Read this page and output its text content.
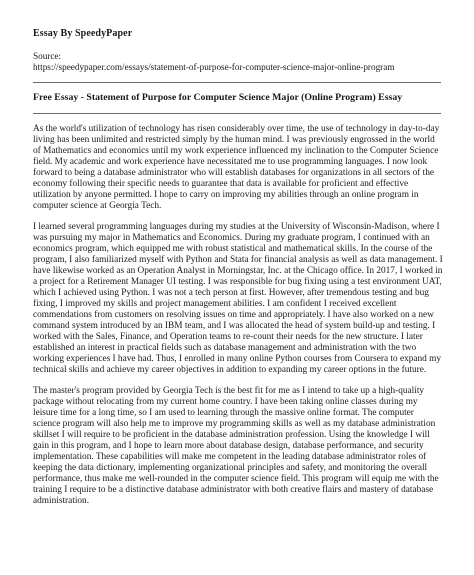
Essay By SpeedyPaper

Source:

https://speedypaper.com/essays/statement-of-purpose-for-computer-science-major-online-program

Free Essay - Statement of Purpose for Computer Science Major (Online Program) Essay

As the world's utilization of technology has risen considerably over time, the use of technology in day-to-day living has been unlimited and restricted simply by the human mind. I was previously engrossed in the world of Mathematics and economics until my work experience influenced my inclination to the Computer Science field. My academic and work experience have necessitated me to use programming languages. I now look forward to being a database administrator who will establish databases for organizations in all sectors of the economy following their specific needs to guarantee that data is available for proficient and effective utilization by anyone permitted. I hope to carry on improving my abilities through an online program in computer science at Georgia Tech.

I learned several programming languages during my studies at the University of Wisconsin-Madison, where I was pursuing my major in Mathematics and Economics. During my graduate program, I continued with an economics program, which equipped me with robust statistical and mathematical skills. In the course of the program, I also familiarized myself with Python and Stata for financial analysis as well as data management. I have likewise worked as an Operation Analyst in Morningstar, Inc. at the Chicago office. In 2017, I worked in a project for a Retirement Manager UI testing. I was responsible for bug fixing using a test environment UAT, which I achieved using Python. I was not a tech person at first. However, after tremendous testing and bug fixing, I improved my skills and project management abilities. I am confident I received excellent commendations from customers on resolving issues on time and appropriately. I have also worked on a new command system introduced by an IBM team, and I was allocated the head of system build-up and testing. I worked with the Sales, Finance, and Operation teams to re-count their needs for the new structure. I later established an interest in practical fields such as database management and administration with the two working experiences I have had. Thus, I enrolled in many online Python courses from Coursera to expand my technical skills and achieve my career objectives in addition to expanding my career options in the future.

The master's program provided by Georgia Tech is the best fit for me as I intend to take up a high-quality package without relocating from my current home country. I have been taking online classes during my leisure time for a long time, so I am used to learning through the massive online format. The computer science program will also help me to improve my programming skills as well as my database administration skillset I will require to be proficient in the database administration profession. Using the knowledge I will gain in this program, and I hope to learn more about database design, database performance, and security implementation. These capabilities will make me competent in the leading database administrator roles of keeping the data dictionary, implementing organizational principles and safety, and monitoring the overall performance, thus make me well-rounded in the computer science field. This program will equip me with the training I require to be a distinctive database administrator with both creative flairs and mastery of database administration.
